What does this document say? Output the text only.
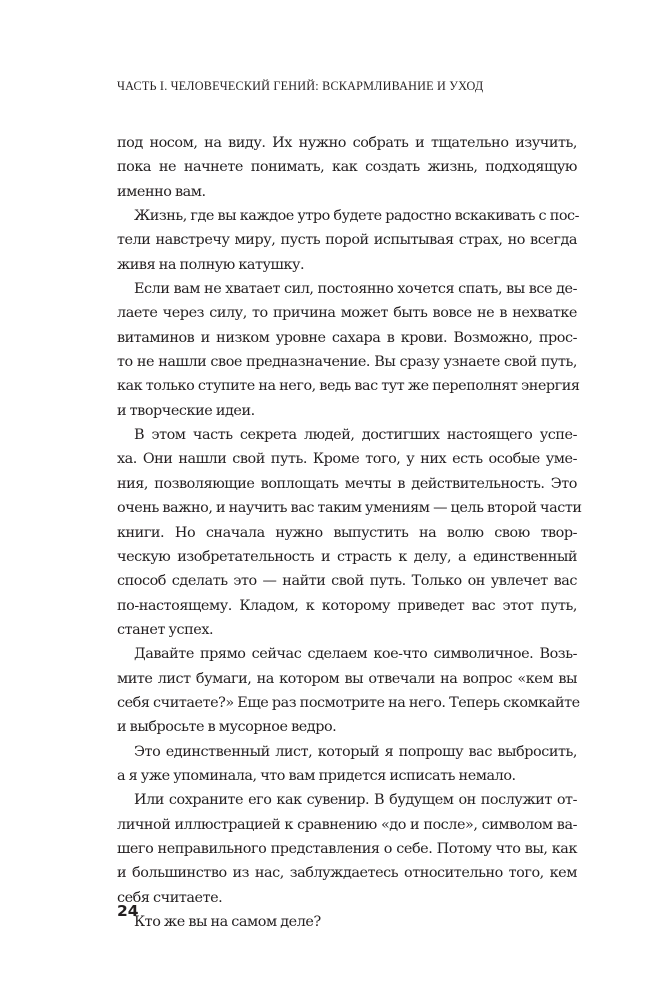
ЧАСТЬ I. ЧЕЛОВЕЧЕСКИЙ ГЕНИЙ: ВСКАРМЛИВАНИЕ И УХОД
под носом, на виду. Их нужно собрать и тщательно изучить,
пока не начнете понимать, как создать жизнь, подходящую
именно вам.
Жизнь, где вы каждое утро будете радостно вскакивать с пос-
тели навстречу миру, пусть порой испытывая страх, но всегда
живя на полную катушку.
Если вам не хватает сил, постоянно хочется спать, вы все де-
лаете через силу, то причина может быть вовсе не в нехватке
витаминов и низком уровне сахара в крови. Возможно, прос-
то не нашли свое предназначение. Вы сразу узнаете свой путь,
как только ступите на него, ведь вас тут же переполнят энергия
и творческие идеи.
В этом часть секрета людей, достигших настоящего успе-
ха. Они нашли свой путь. Кроме того, у них есть особые уме-
ния, позволяющие воплощать мечты в действительность. Это
очень важно, и научить вас таким умениям — цель второй части
книги. Но сначала нужно выпустить на волю свою твор-
ческую изобретательность и страсть к делу, а единственный
способ сделать это — найти свой путь. Только он увлечет вас
по-настоящему. Кладом, к которому приведет вас этот путь,
станет успех.
Давайте прямо сейчас сделаем кое-что символичное. Возь-
мите лист бумаги, на котором вы отвечали на вопрос «кем вы
себя считаете?» Еще раз посмотрите на него. Теперь скомкайте
и выбросьте в мусорное ведро.
Это единственный лист, который я попрошу вас выбросить,
а я уже упоминала, что вам придется исписать немало.
Или сохраните его как сувенир. В будущем он послужит от-
личной иллюстрацией к сравнению «до и после», символом ва-
шего неправильного представления о себе. Потому что вы, как
и большинство из нас, заблуждаетесь относительно того, кем
себя считаете.
Кто же вы на самом деле?
24
